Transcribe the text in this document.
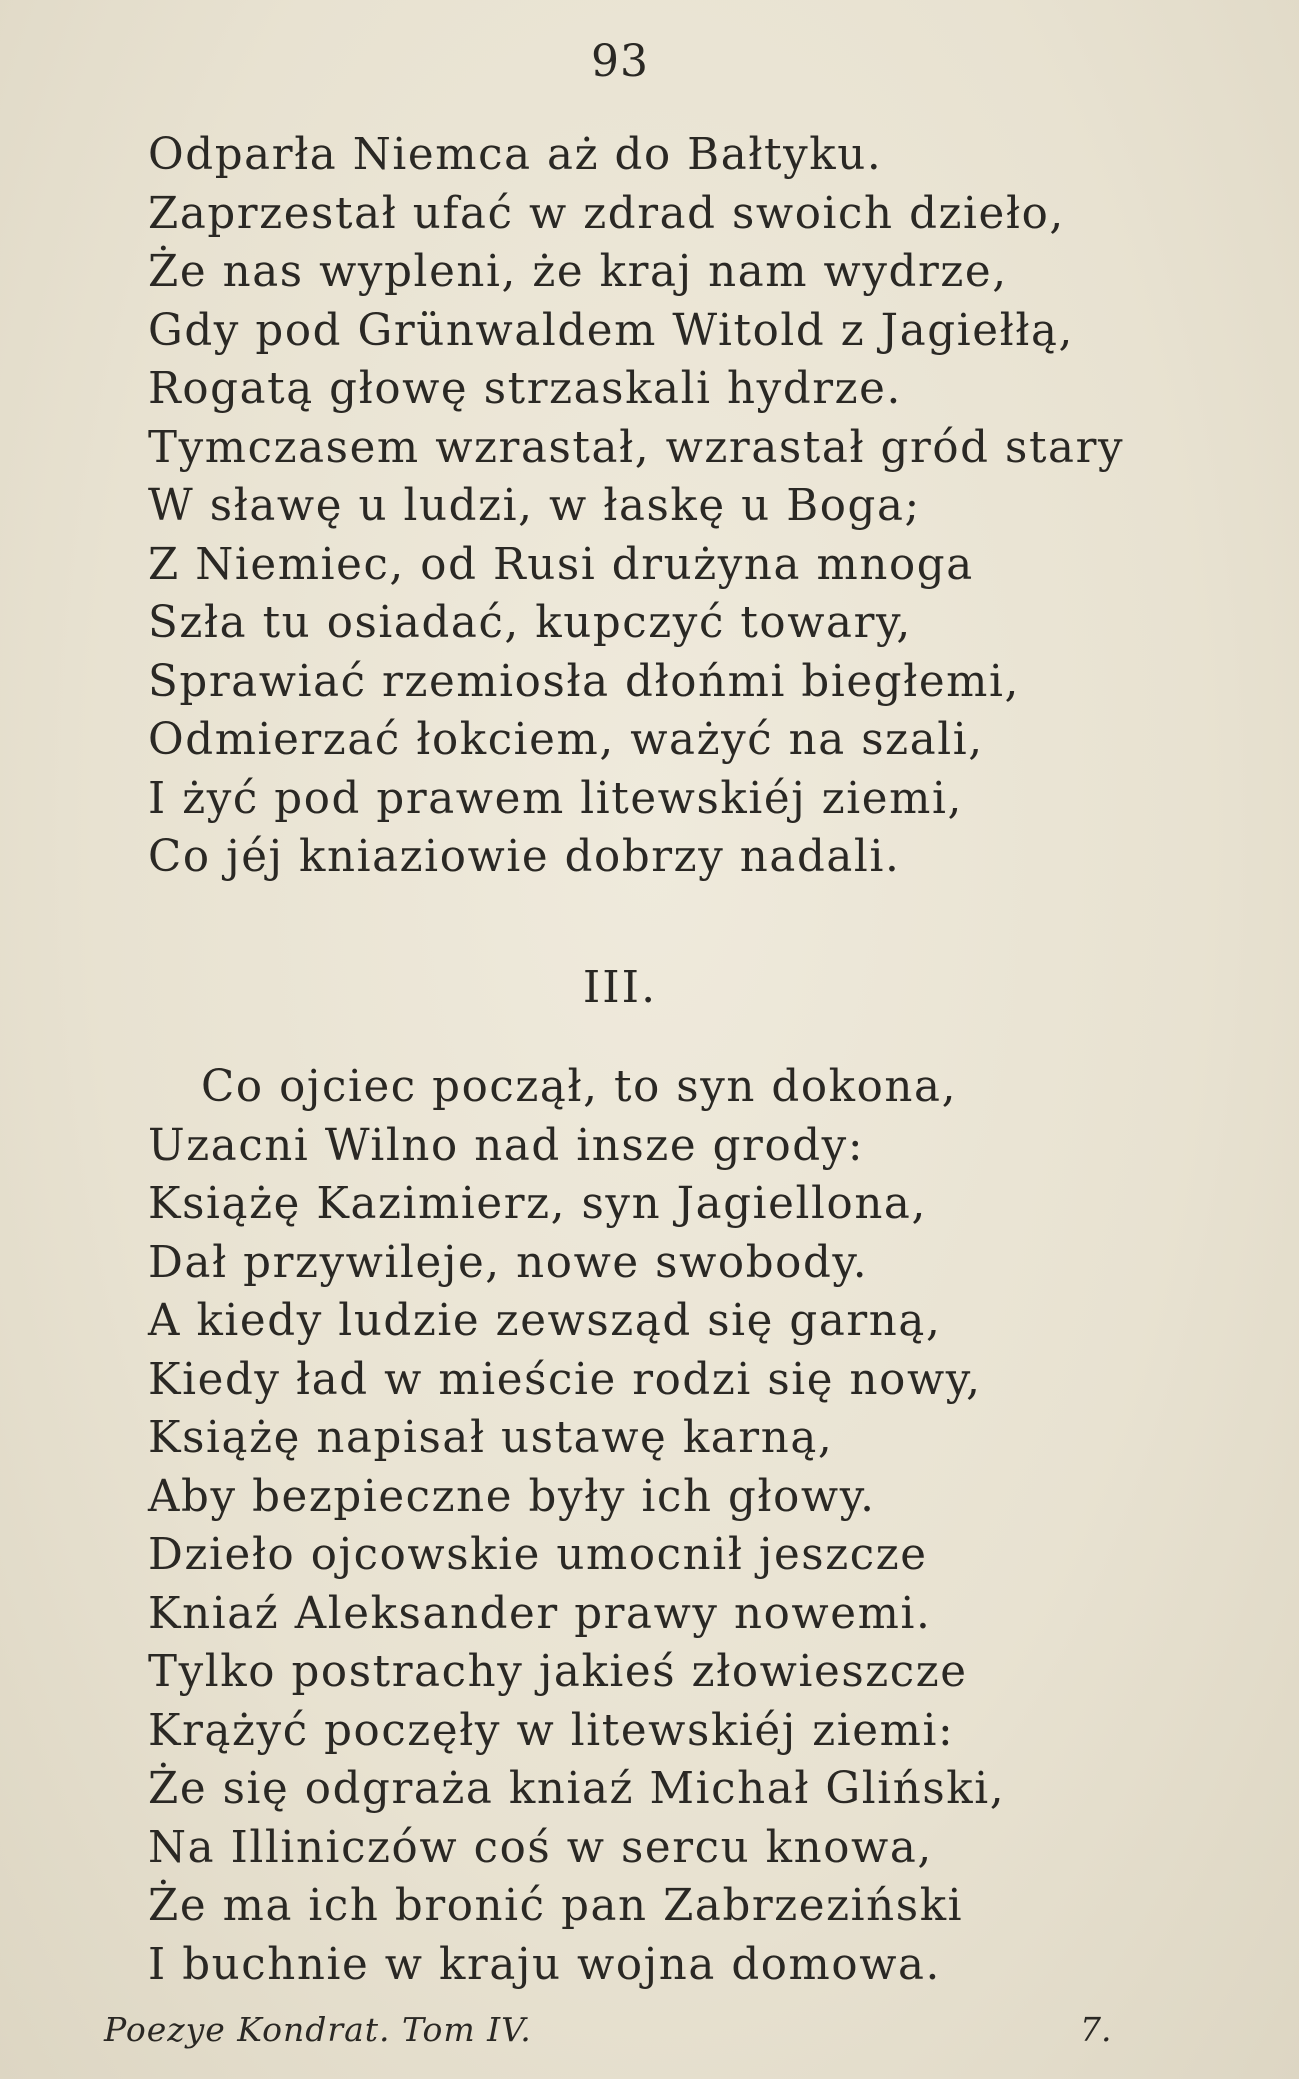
93
Odparła Niemca aż do Bałtyku.
Zaprzestał ufać w zdrad swoich dzieło,
Że nas wypleni, że kraj nam wydrze,
Gdy pod Grünwaldem Witold z Jagiełłą,
Rogatą głowę strzaskali hydrze.
Tymczasem wzrastał, wzrastał gród stary
W sławę u ludzi, w łaskę u Boga;
Z Niemiec, od Rusi drużyna mnoga
Szła tu osiadać, kupczyć towary,
Sprawiać rzemiosła dłońmi biegłemi,
Odmierzać łokciem, ważyć na szali,
I żyć pod prawem litewskiéj ziemi,
Co jéj kniaziowie dobrzy nadali.
III.
Co ojciec począł, to syn dokona,
Uzacni Wilno nad insze grody:
Książę Kazimierz, syn Jagiellona,
Dał przywileje, nowe swobody.
A kiedy ludzie zewsząd się garną,
Kiedy ład w mieście rodzi się nowy,
Książę napisał ustawę karną,
Aby bezpieczne były ich głowy.
Dzieło ojcowskie umocnił jeszcze
Kniaź Aleksander prawy nowemi.
Tylko postrachy jakieś złowieszcze
Krążyć poczęły w litewskiéj ziemi:
Że się odgraża kniaź Michał Gliński,
Na Illiniczów coś w sercu knowa,
Że ma ich bronić pan Zabrzeziński
I buchnie w kraju wojna domowa.
Poezye Kondrat. Tom IV.	7.
